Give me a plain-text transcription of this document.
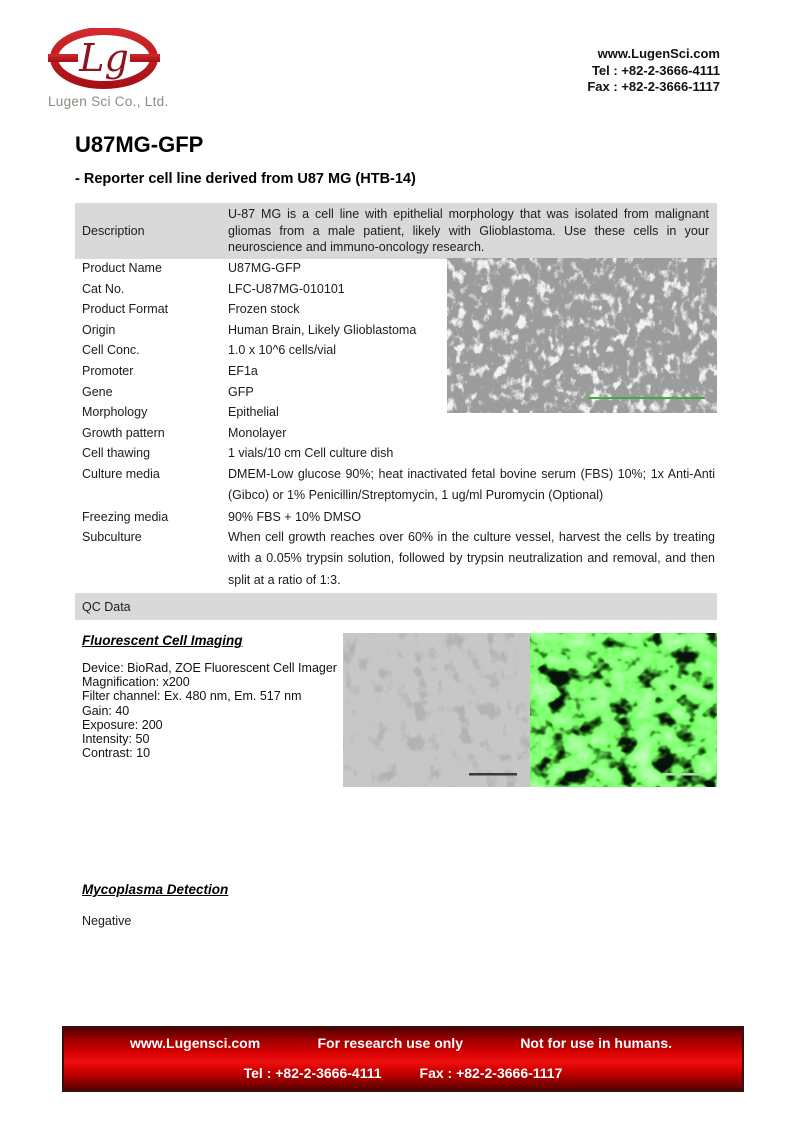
Lg
Lugen Sci Co., Ltd.
www.LugenSci.com
Tel : +82-2-3666-4111
Fax : +82-2-3666-1117
U87MG-GFP
- Reporter cell line derived from U87 MG (HTB-14)
Description
U-87 MG is a cell line with epithelial morphology that was isolated from malignant gliomas from a male patient, likely with Glioblastoma. Use these cells in your neuroscience and immuno-oncology research.
Product Name	U87MG-GFP
Cat No.	LFC-U87MG-010101
Product Format	Frozen stock
Origin	Human Brain, Likely Glioblastoma
Cell Conc.	1.0 x 10^6 cells/vial
Promoter	EF1a
Gene	GFP
Morphology	Epithelial
Growth pattern	Monolayer
Cell thawing	1 vials/10 cm Cell culture dish
Culture media	DMEM-Low glucose 90%; heat inactivated fetal bovine serum (FBS) 10%; 1x Anti-Anti (Gibco) or 1% Penicillin/Streptomycin, 1 ug/ml Puromycin (Optional)
Freezing media	90% FBS + 10% DMSO
Subculture	When cell growth reaches over 60% in the culture vessel, harvest the cells by treating with a 0.05% trypsin solution, followed by trypsin neutralization and removal, and then split at a ratio of 1:3.
QC Data
Fluorescent Cell Imaging
Device: BioRad, ZOE Fluorescent Cell Imager
Magnification: x200
Filter channel: Ex. 480 nm, Em. 517 nm
Gain: 40
Exposure: 200
Intensity: 50
Contrast: 10
Mycoplasma Detection
Negative
www.Lugensci.com	For research use only	Not for use in humans.
Tel : +82-2-3666-4111	Fax : +82-2-3666-1117
